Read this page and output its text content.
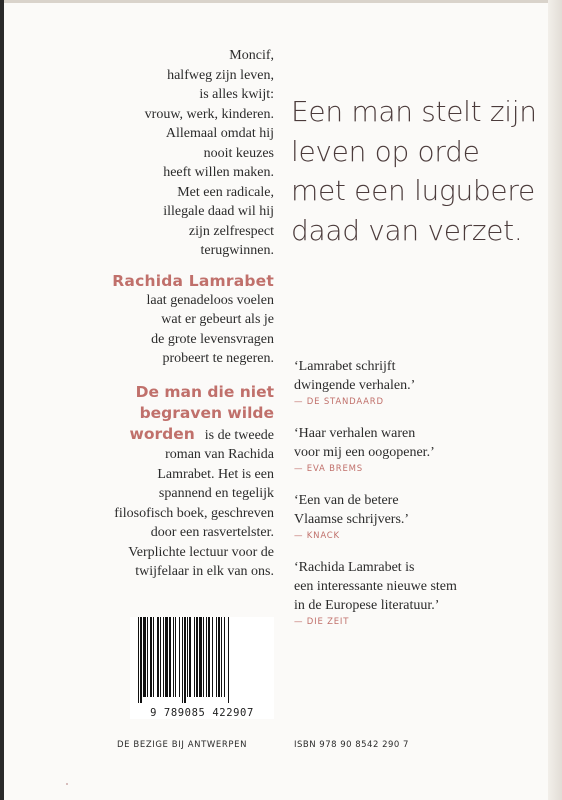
Moncif,

halfweg zijn leven,

is alles kwijt:

vrouw, werk, kinderen.

Allemaal omdat hij

nooit keuzes

heeft willen maken.

Met een radicale,

illegale daad wil hij

zijn zelfrespect

terugwinnen.

Rachida Lamrabet

laat genadeloos voelen

wat er gebeurt als je

de grote levensvragen

probeert te negeren.

De man die niet
begraven wilde
worden is de tweede

roman van Rachida

Lamrabet. Het is een

spannend en tegelijk

filosofisch boek, geschreven

door een rasvertelster.

Verplichte lectuur voor de

twijfelaar in elk van ons.

Een man stelt zijn leven op orde met een lugubere daad van verzet.
‘Lamrabet schrijft
dwingende verhalen.’
— DE STANDAARD
‘Haar verhalen waren
voor mij een oogopener.’
— EVA BREMS
‘Een van de betere
Vlaamse schrijvers.’
— KNACK
‘Rachida Lamrabet is
een interessante nieuwe stem
in de Europese literatuur.’
— DIE ZEIT
9 789085 422907
DE BEZIGE BIJ ANTWERPEN	ISBN 978 90 8542 290 7
